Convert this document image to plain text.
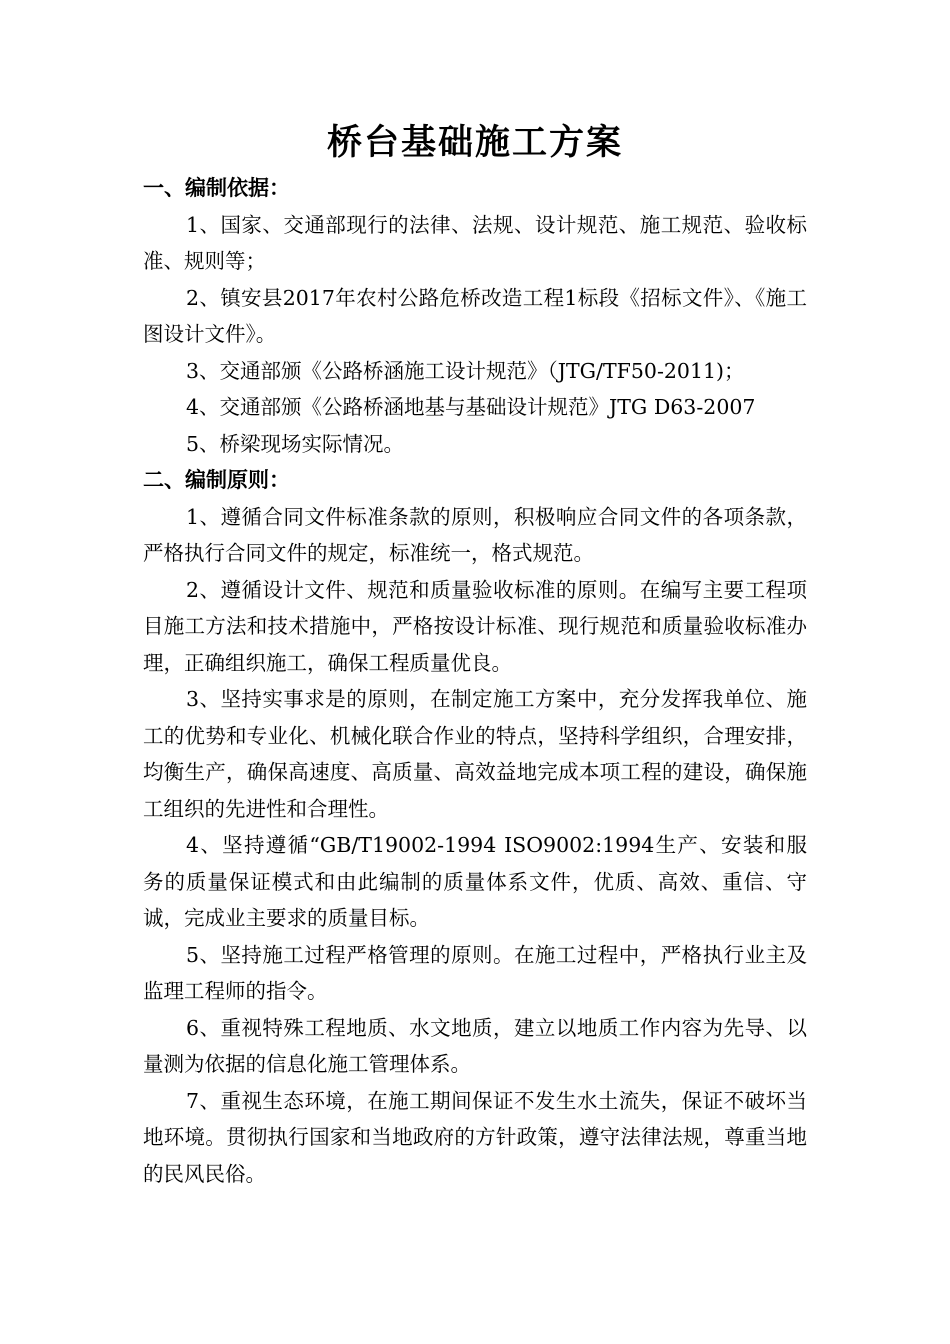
桥台基础施工方案
一、编制依据：

1、国家、交通部现行的法律、法规、设计规范、施工规范、验收标准、规则等；

2、镇安县2017年农村公路危桥改造工程1标段《招标文件》、《施工图设计文件》。

3、交通部颁《公路桥涵施工设计规范》（JTG/TF50-2011)；

4、交通部颁《公路桥涵地基与基础设计规范》JTG D63-2007

5、桥梁现场实际情况。

二、编制原则：

1、遵循合同文件标准条款的原则，积极响应合同文件的各项条款，严格执行合同文件的规定，标准统一，格式规范。

2、遵循设计文件、规范和质量验收标准的原则。在编写主要工程项目施工方法和技术措施中，严格按设计标准、现行规范和质量验收标准办理，正确组织施工，确保工程质量优良。

3、坚持实事求是的原则，在制定施工方案中，充分发挥我单位、施工的优势和专业化、机械化联合作业的特点，坚持科学组织，合理安排，均衡生产，确保高速度、高质量、高效益地完成本项工程的建设，确保施工组织的先进性和合理性。

4、坚持遵循“GB/T19002-1994 ISO9002:1994生产、安装和服务的质量保证模式和由此编制的质量体系文件，优质、高效、重信、守诚，完成业主要求的质量目标。

5、坚持施工过程严格管理的原则。在施工过程中，严格执行业主及监理工程师的指令。

6、重视特殊工程地质、水文地质，建立以地质工作内容为先导、以量测为依据的信息化施工管理体系。

7、重视生态环境，在施工期间保证不发生水土流失，保证不破坏当地环境。贯彻执行国家和当地政府的方针政策，遵守法律法规，尊重当地的民风民俗。
